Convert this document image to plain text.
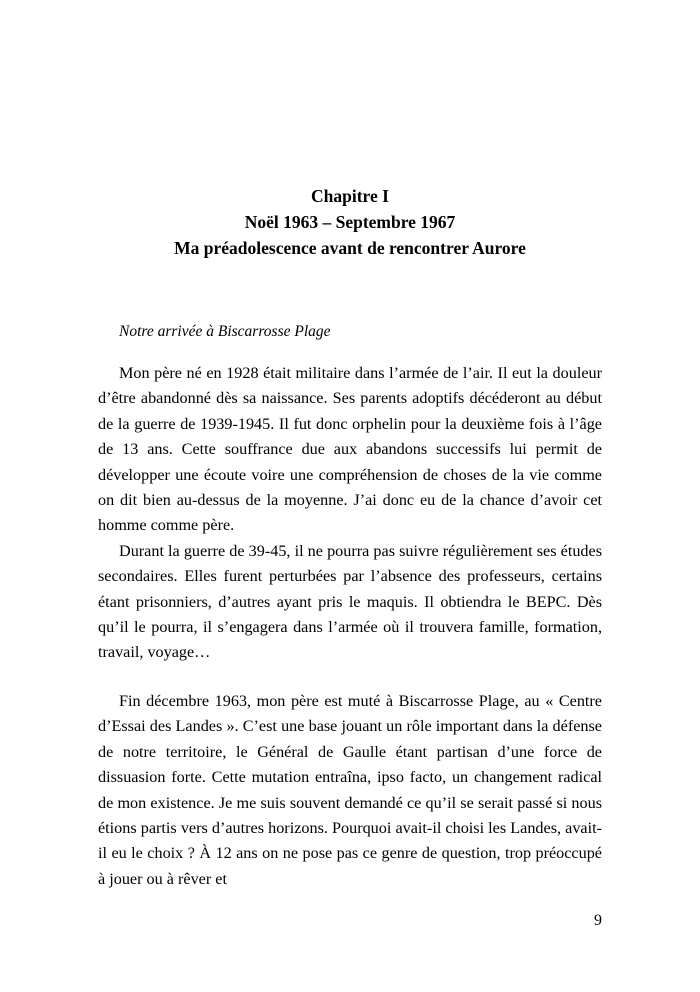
Chapitre I
Noël 1963 – Septembre 1967
Ma préadolescence avant de rencontrer Aurore
Notre arrivée à Biscarrosse Plage

Mon père né en 1928 était militaire dans l’armée de l’air. Il eut la douleur d’être abandonné dès sa naissance. Ses parents adoptifs décéderont au début de la guerre de 1939-1945. Il fut donc orphelin pour la deuxième fois à l’âge de 13 ans. Cette souffrance due aux abandons successifs lui permit de développer une écoute voire une compréhension de choses de la vie comme on dit bien au-dessus de la moyenne. J’ai donc eu de la chance d’avoir cet homme comme père.

Durant la guerre de 39-45, il ne pourra pas suivre régulièrement ses études secondaires. Elles furent perturbées par l’absence des professeurs, certains étant prisonniers, d’autres ayant pris le maquis. Il obtiendra le BEPC. Dès qu’il le pourra, il s’engagera dans l’armée où il trouvera famille, formation, travail, voyage…

Fin décembre 1963, mon père est muté à Biscarrosse Plage, au « Centre d’Essai des Landes ». C’est une base jouant un rôle important dans la défense de notre territoire, le Général de Gaulle étant partisan d’une force de dissuasion forte. Cette mutation entraîna, ipso facto, un changement radical de mon existence. Je me suis souvent demandé ce qu’il se serait passé si nous étions partis vers d’autres horizons. Pourquoi avait-il choisi les Landes, avait-il eu le choix ? À 12 ans on ne pose pas ce genre de question, trop préoccupé à jouer ou à rêver et

9
